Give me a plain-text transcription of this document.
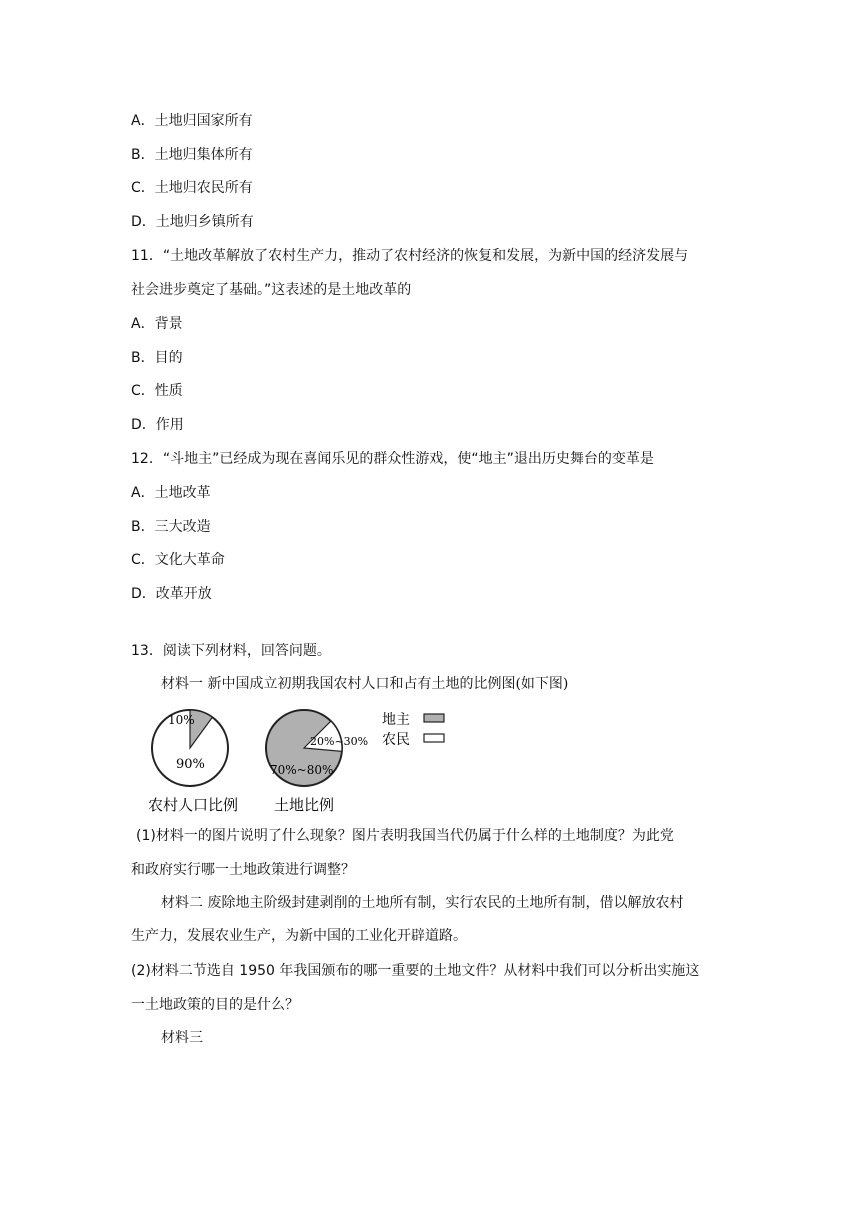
A．土地归国家所有
B．土地归集体所有
C．土地归农民所有
D．土地归乡镇所有
11．“土地改革解放了农村生产力，推动了农村经济的恢复和发展，为新中国的经济发展与
社会进步奠定了基础。”这表述的是土地改革的
A．背景
B．目的
C．性质
D．作用
12．“斗地主”已经成为现在喜闻乐见的群众性游戏，使“地主”退出历史舞台的变革是
A．土地改革
B．三大改造
C．文化大革命
D．改革开放
13．阅读下列材料，回答问题。
材料一 新中国成立初期我国农村人口和占有土地的比例图(如下图)
10%
90%
农村人口比例
20%~30%
70%~80%
土地比例
地主
农民
(1)材料一的图片说明了什么现象？图片表明我国当代仍属于什么样的土地制度？为此党
和政府实行哪一土地政策进行调整？
材料二 废除地主阶级封建剥削的土地所有制，实行农民的土地所有制，借以解放农村
生产力，发展农业生产，为新中国的工业化开辟道路。
(2)材料二节选自 1950 年我国颁布的哪一重要的土地文件？从材料中我们可以分析出实施这
一土地政策的目的是什么？
材料三
